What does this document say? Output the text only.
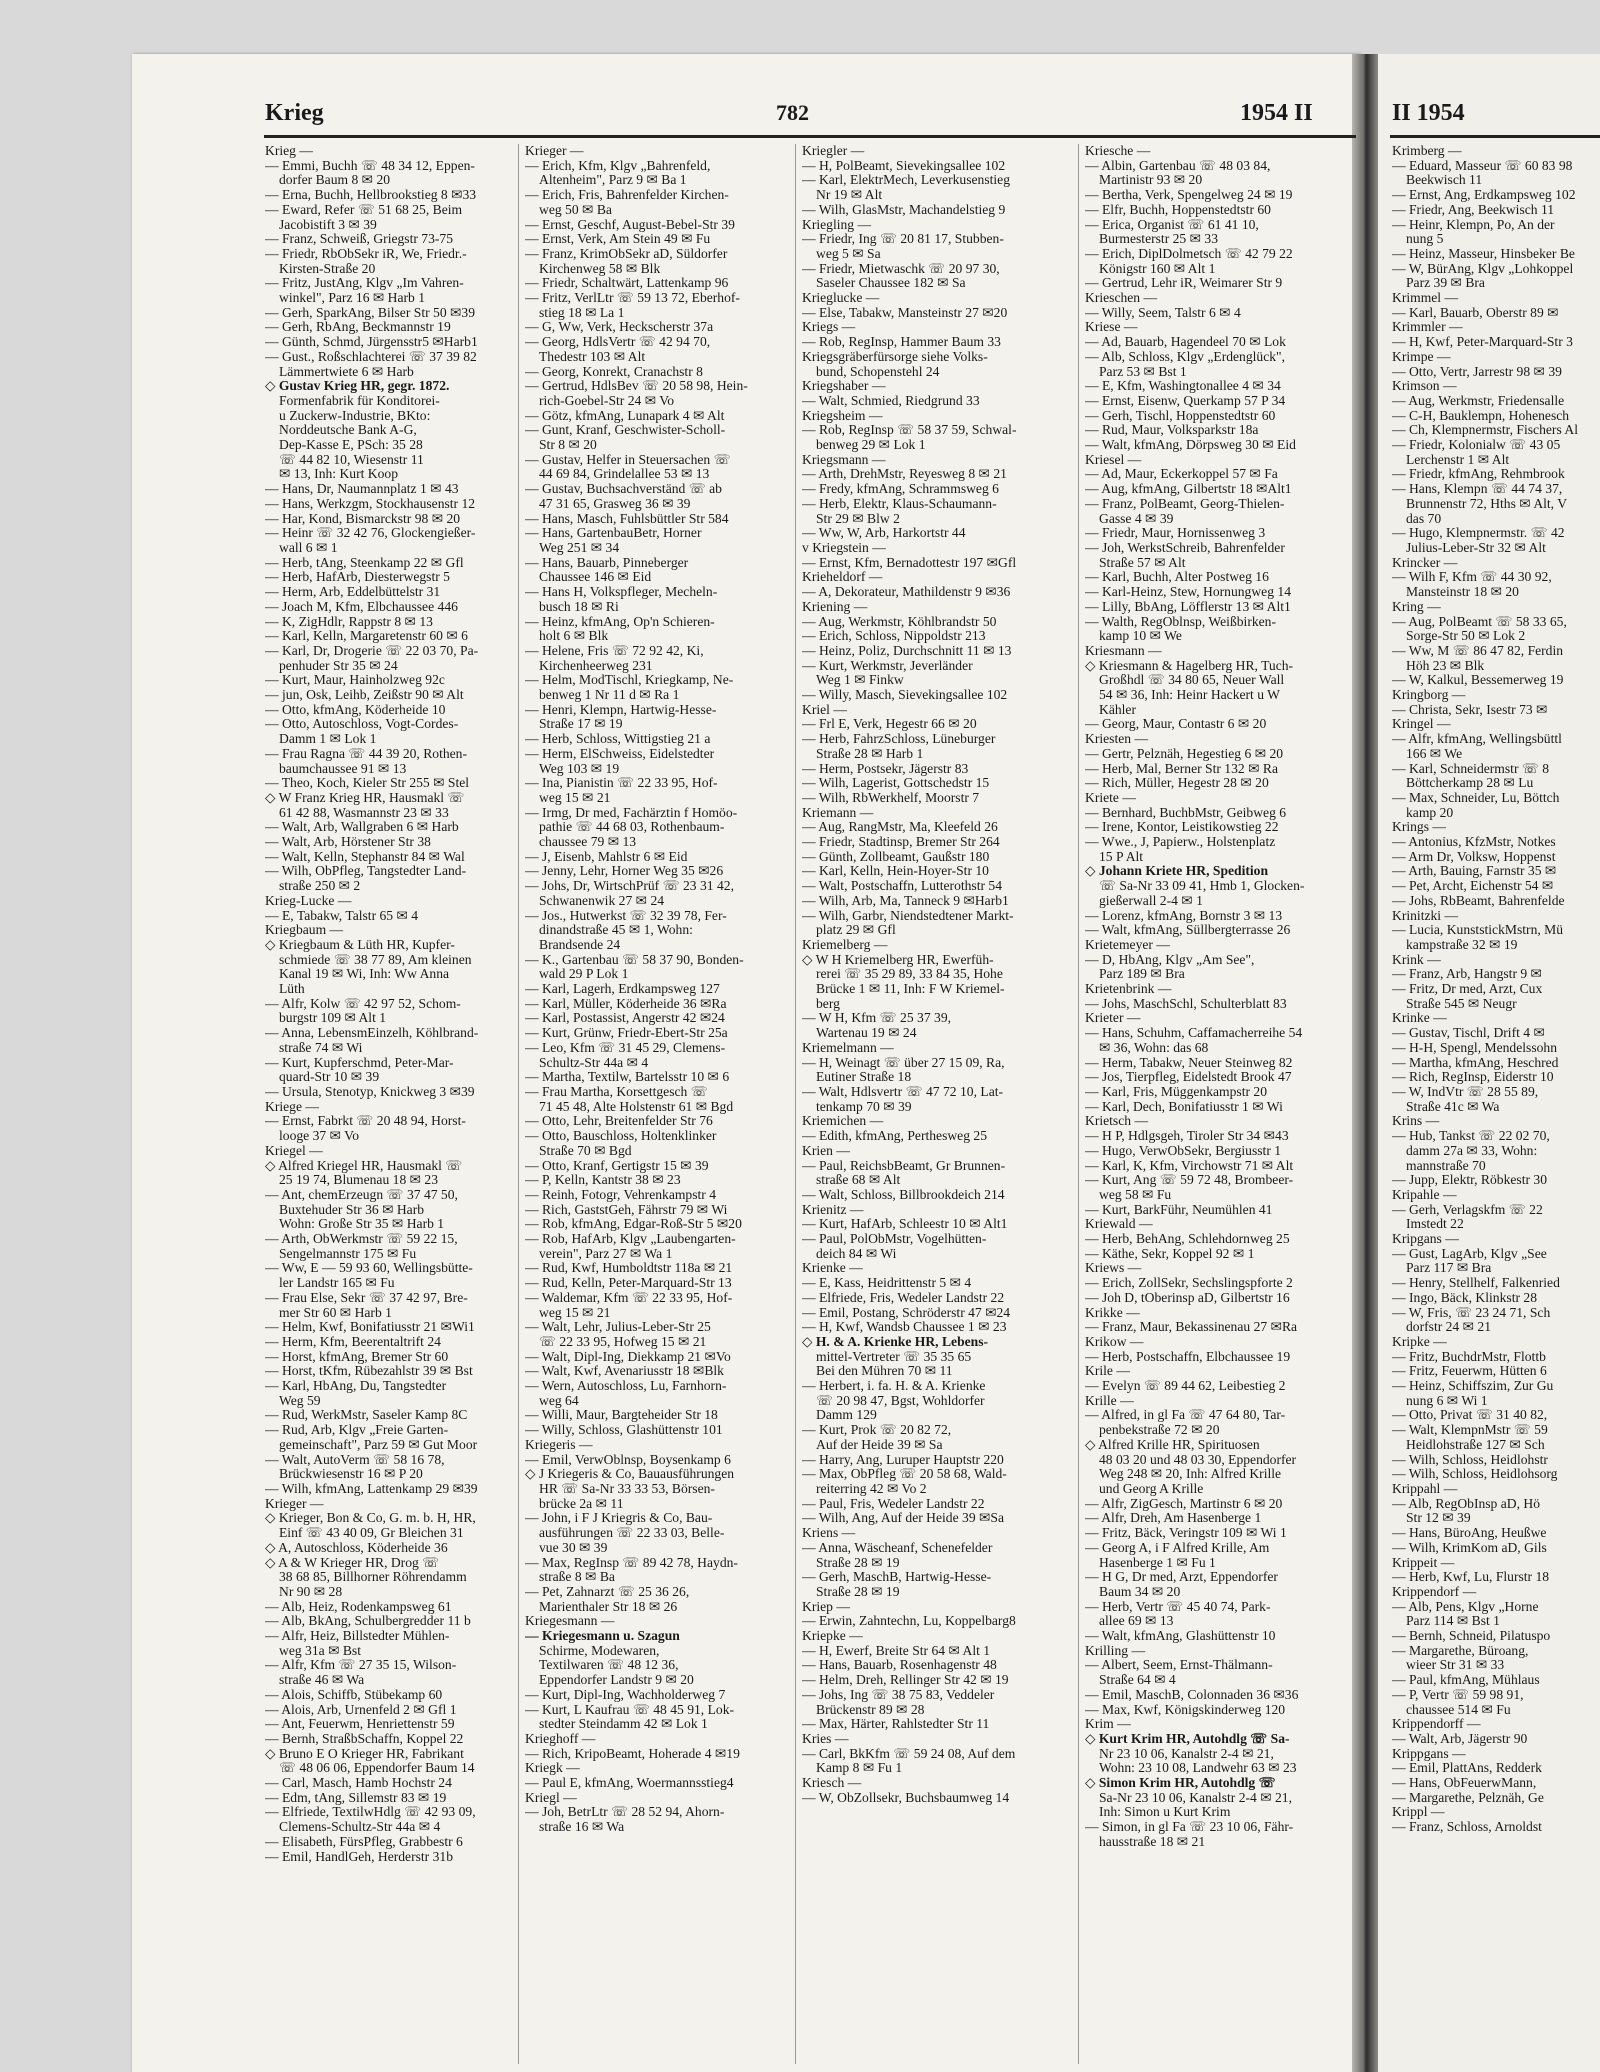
Krieg	782	1954 II	II 1954
Krieg —
— Emmi, Buchh ☏ 48 34 12, Eppen-
dorfer Baum 8 ✉ 20
— Erna, Buchh, Hellbrookstieg 8 ✉33
— Eward, Refer ☏ 51 68 25, Beim
Jacobistift 3 ✉ 39
— Franz, Schweiß, Griegstr 73-75
— Friedr, RbObSekr iR, We, Friedr.-
Kirsten-Straße 20
— Fritz, JustAng, Klgv „Im Vahren-
winkel", Parz 16 ✉ Harb 1
— Gerh, SparkAng, Bilser Str 50 ✉39
— Gerh, RbAng, Beckmannstr 19
— Günth, Schmd, Jürgensstr5 ✉Harb1
— Gust., Roßschlachterei ☏ 37 39 82
Lämmertwiete 6 ✉ Harb
◇ Gustav Krieg HR, gegr. 1872.
Formenfabrik für Konditorei-
u Zuckerw-Industrie, BKto:
Norddeutsche Bank A-G,
Dep-Kasse E, PSch: 35 28
☏ 44 82 10, Wiesenstr 11
✉ 13, Inh: Kurt Koop
— Hans, Dr, Naumannplatz 1 ✉ 43
— Hans, Werkzgm, Stockhausenstr 12
— Har, Kond, Bismarckstr 98 ✉ 20
— Heinr ☏ 32 42 76, Glockengießer-
wall 6 ✉ 1
— Herb, tAng, Steenkamp 22 ✉ Gfl
— Herb, HafArb, Diesterwegstr 5
— Herm, Arb, Eddelbüttelstr 31
— Joach M, Kfm, Elbchaussee 446
— K, ZigHdlr, Rappstr 8 ✉ 13
— Karl, Kelln, Margaretenstr 60 ✉ 6
— Karl, Dr, Drogerie ☏ 22 03 70, Pa-
penhuder Str 35 ✉ 24
— Kurt, Maur, Hainholzweg 92c
— jun, Osk, Leihb, Zeißstr 90 ✉ Alt
— Otto, kfmAng, Köderheide 10
— Otto, Autoschloss, Vogt-Cordes-
Damm 1 ✉ Lok 1
— Frau Ragna ☏ 44 39 20, Rothen-
baumchaussee 91 ✉ 13
— Theo, Koch, Kieler Str 255 ✉ Stel
◇ W Franz Krieg HR, Hausmakl ☏
61 42 88, Wasmannstr 23 ✉ 33
— Walt, Arb, Wallgraben 6 ✉ Harb
— Walt, Arb, Hörstener Str 38
— Walt, Kelln, Stephanstr 84 ✉ Wal
— Wilh, ObPfleg, Tangstedter Land-
straße 250 ✉ 2
Krieg-Lucke —
— E, Tabakw, Talstr 65 ✉ 4
Kriegbaum —
◇ Kriegbaum & Lüth HR, Kupfer-
schmiede ☏ 38 77 89, Am kleinen
Kanal 19 ✉ Wi, Inh: Ww Anna
Lüth
— Alfr, Kolw ☏ 42 97 52, Schom-
burgstr 109 ✉ Alt 1
— Anna, LebensmEinzelh, Köhlbrand-
straße 74 ✉ Wi
— Kurt, Kupferschmd, Peter-Mar-
quard-Str 10 ✉ 39
— Ursula, Stenotyp, Knickweg 3 ✉39
Kriege —
— Ernst, Fabrkt ☏ 20 48 94, Horst-
looge 37 ✉ Vo
Kriegel —
◇ Alfred Kriegel HR, Hausmakl ☏
25 19 74, Blumenau 18 ✉ 23
— Ant, chemErzeugn ☏ 37 47 50,
Buxtehuder Str 36 ✉ Harb
Wohn: Große Str 35 ✉ Harb 1
— Arth, ObWerkmstr ☏ 59 22 15,
Sengelmannstr 175 ✉ Fu
— Ww, E — 59 93 60, Wellingsbütte-
ler Landstr 165 ✉ Fu
— Frau Else, Sekr ☏ 37 42 97, Bre-
mer Str 60 ✉ Harb 1
— Helm, Kwf, Bonifatiusstr 21 ✉Wi1
— Herm, Kfm, Beerentaltrift 24
— Horst, kfmAng, Bremer Str 60
— Horst, tKfm, Rübezahlstr 39 ✉ Bst
— Karl, HbAng, Du, Tangstedter
Weg 59
— Rud, WerkMstr, Saseler Kamp 8C
— Rud, Arb, Klgv „Freie Garten-
gemeinschaft", Parz 59 ✉ Gut Moor
— Walt, AutoVerm ☏ 58 16 78,
Brückwiesenstr 16 ✉ P 20
— Wilh, kfmAng, Lattenkamp 29 ✉39
Krieger —
◇ Krieger, Bon & Co, G. m. b. H, HR,
Einf ☏ 43 40 09, Gr Bleichen 31
◇ A, Autoschloss, Köderheide 36
◇ A & W Krieger HR, Drog ☏
38 68 85, Billhorner Röhrendamm
Nr 90 ✉ 28
— Alb, Heiz, Rodenkampsweg 61
— Alb, BkAng, Schulbergredder 11 b
— Alfr, Heiz, Billstedter Mühlen-
weg 31a ✉ Bst
— Alfr, Kfm ☏ 27 35 15, Wilson-
straße 46 ✉ Wa
— Alois, Schiffb, Stübekamp 60
— Alois, Arb, Urnenfeld 2 ✉ Gfl 1
— Ant, Feuerwm, Henriettenstr 59
— Bernh, StraßbSchaffn, Koppel 22
◇ Bruno E O Krieger HR, Fabrikant
☏ 48 06 06, Eppendorfer Baum 14
— Carl, Masch, Hamb Hochstr 24
— Edm, tAng, Sillemstr 83 ✉ 19
— Elfriede, TextilwHdlg ☏ 42 93 09,
Clemens-Schultz-Str 44a ✉ 4
— Elisabeth, FürsPfleg, Grabbestr 6
— Emil, HandlGeh, Herderstr 31b
Krieger —
— Erich, Kfm, Klgv „Bahrenfeld,
Altenheim", Parz 9 ✉ Ba 1
— Erich, Fris, Bahrenfelder Kirchen-
weg 50 ✉ Ba
— Ernst, Geschf, August-Bebel-Str 39
— Ernst, Verk, Am Stein 49 ✉ Fu
— Franz, KrimObSekr aD, Süldorfer
Kirchenweg 58 ✉ Blk
— Friedr, Schaltwärt, Lattenkamp 96
— Fritz, VerlLtr ☏ 59 13 72, Eberhof-
stieg 18 ✉ La 1
— G, Ww, Verk, Heckscherstr 37a
— Georg, HdlsVertr ☏ 42 94 70,
Thedestr 103 ✉ Alt
— Georg, Konrekt, Cranachstr 8
— Gertrud, HdlsBev ☏ 20 58 98, Hein-
rich-Goebel-Str 24 ✉ Vo
— Götz, kfmAng, Lunapark 4 ✉ Alt
— Gunt, Kranf, Geschwister-Scholl-
Str 8 ✉ 20
— Gustav, Helfer in Steuersachen ☏
44 69 84, Grindelallee 53 ✉ 13
— Gustav, Buchsachverständ ☏ ab
47 31 65, Grasweg 36 ✉ 39
— Hans, Masch, Fuhlsbüttler Str 584
— Hans, GartenbauBetr, Horner
Weg 251 ✉ 34
— Hans, Bauarb, Pinneberger
Chaussee 146 ✉ Eid
— Hans H, Volkspfleger, Mecheln-
busch 18 ✉ Ri
— Heinz, kfmAng, Op'n Schieren-
holt 6 ✉ Blk
— Helene, Fris ☏ 72 92 42, Ki,
Kirchenheerweg 231
— Helm, ModTischl, Kriegkamp, Ne-
benweg 1 Nr 11 d ✉ Ra 1
— Henri, Klempn, Hartwig-Hesse-
Straße 17 ✉ 19
— Herb, Schloss, Wittigstieg 21 a
— Herm, ElSchweiss, Eidelstedter
Weg 103 ✉ 19
— Ina, Pianistin ☏ 22 33 95, Hof-
weg 15 ✉ 21
— Irmg, Dr med, Fachärztin f Homöo-
pathie ☏ 44 68 03, Rothenbaum-
chaussee 79 ✉ 13
— J, Eisenb, Mahlstr 6 ✉ Eid
— Jenny, Lehr, Horner Weg 35 ✉26
— Johs, Dr, WirtschPrüf ☏ 23 31 42,
Schwanenwik 27 ✉ 24
— Jos., Hutwerkst ☏ 32 39 78, Fer-
dinandstraße 45 ✉ 1, Wohn:
Brandsende 24
— K., Gartenbau ☏ 58 37 90, Bonden-
wald 29 P Lok 1
— Karl, Lagerh, Erdkampsweg 127
— Karl, Müller, Köderheide 36 ✉Ra
— Karl, Postassist, Angerstr 42 ✉24
— Kurt, Grünw, Friedr-Ebert-Str 25a
— Leo, Kfm ☏ 31 45 29, Clemens-
Schultz-Str 44a ✉ 4
— Martha, Textilw, Bartelsstr 10 ✉ 6
— Frau Martha, Korsettgesch ☏
71 45 48, Alte Holstenstr 61 ✉ Bgd
— Otto, Lehr, Breitenfelder Str 76
— Otto, Bauschloss, Holtenklinker
Straße 70 ✉ Bgd
— Otto, Kranf, Gertigstr 15 ✉ 39
— P, Kelln, Kantstr 38 ✉ 23
— Reinh, Fotogr, Vehrenkampstr 4
— Rich, GaststGeh, Fährstr 79 ✉ Wi
— Rob, kfmAng, Edgar-Roß-Str 5 ✉20
— Rob, HafArb, Klgv „Laubengarten-
verein", Parz 27 ✉ Wa 1
— Rud, Kwf, Humboldtstr 118a ✉ 21
— Rud, Kelln, Peter-Marquard-Str 13
— Waldemar, Kfm ☏ 22 33 95, Hof-
weg 15 ✉ 21
— Walt, Lehr, Julius-Leber-Str 25
☏ 22 33 95, Hofweg 15 ✉ 21
— Walt, Dipl-Ing, Diekkamp 21 ✉Vo
— Walt, Kwf, Avenariusstr 18 ✉Blk
— Wern, Autoschloss, Lu, Farnhorn-
weg 64
— Willi, Maur, Bargteheider Str 18
— Willy, Schloss, Glashüttenstr 101
Kriegeris —
— Emil, VerwOblnsp, Boysenkamp 6
◇ J Kriegeris & Co, Bauausführungen
HR ☏ Sa-Nr 33 33 53, Börsen-
brücke 2a ✉ 11
— John, i F J Kriegris & Co, Bau-
ausführungen ☏ 22 33 03, Belle-
vue 30 ✉ 39
— Max, RegInsp ☏ 89 42 78, Haydn-
straße 8 ✉ Ba
— Pet, Zahnarzt ☏ 25 36 26,
Marienthaler Str 18 ✉ 26
Kriegesmann —
— Kriegesmann u. Szagun
Schirme, Modewaren,
Textilwaren ☏ 48 12 36,
Eppendorfer Landstr 9 ✉ 20
— Kurt, Dipl-Ing, Wachholderweg 7
— Kurt, L Kaufrau ☏ 48 45 91, Lok-
stedter Steindamm 42 ✉ Lok 1
Krieghoff —
— Rich, KripoBeamt, Hoherade 4 ✉19
Kriegk —
— Paul E, kfmAng, Woermannsstieg4
Kriegl —
— Joh, BetrLtr ☏ 28 52 94, Ahorn-
straße 16 ✉ Wa
Kriegler —
— H, PolBeamt, Sievekingsallee 102
— Karl, ElektrMech, Leverkusenstieg
Nr 19 ✉ Alt
— Wilh, GlasMstr, Machandelstieg 9
Kriegling —
— Friedr, Ing ☏ 20 81 17, Stubben-
weg 5 ✉ Sa
— Friedr, Mietwaschk ☏ 20 97 30,
Saseler Chaussee 182 ✉ Sa
Krieglucke —
— Else, Tabakw, Mansteinstr 27 ✉20
Kriegs —
— Rob, RegInsp, Hammer Baum 33
Kriegsgräberfürsorge siehe Volks-
bund, Schopenstehl 24
Kriegshaber —
— Walt, Schmied, Riedgrund 33
Kriegsheim —
— Rob, RegInsp ☏ 58 37 59, Schwal-
benweg 29 ✉ Lok 1
Kriegsmann —
— Arth, DrehMstr, Reyesweg 8 ✉ 21
— Fredy, kfmAng, Schrammsweg 6
— Herb, Elektr, Klaus-Schaumann-
Str 29 ✉ Blw 2
— Ww, W, Arb, Harkortstr 44
v Kriegstein —
— Ernst, Kfm, Bernadottestr 197 ✉Gfl
Krieheldorf —
— A, Dekorateur, Mathildenstr 9 ✉36
Kriening —
— Aug, Werkmstr, Köhlbrandstr 50
— Erich, Schloss, Nippoldstr 213
— Heinz, Poliz, Durchschnitt 11 ✉ 13
— Kurt, Werkmstr, Jeverländer
Weg 1 ✉ Finkw
— Willy, Masch, Sievekingsallee 102
Kriel —
— Frl E, Verk, Hegestr 66 ✉ 20
— Herb, FahrzSchloss, Lüneburger
Straße 28 ✉ Harb 1
— Herm, Postsekr, Jägerstr 83
— Wilh, Lagerist, Gottschedstr 15
— Wilh, RbWerkhelf, Moorstr 7
Kriemann —
— Aug, RangMstr, Ma, Kleefeld 26
— Friedr, Stadtinsp, Bremer Str 264
— Günth, Zollbeamt, Gaußstr 180
— Karl, Kelln, Hein-Hoyer-Str 10
— Walt, Postschaffn, Lutterothstr 54
— Wilh, Arb, Ma, Tanneck 9 ✉Harb1
— Wilh, Garbr, Niendstedtener Markt-
platz 29 ✉ Gfl
Kriemelberg —
◇ W H Kriemelberg HR, Ewerfüh-
rerei ☏ 35 29 89, 33 84 35, Hohe
Brücke 1 ✉ 11, Inh: F W Kriemel-
berg
— W H, Kfm ☏ 25 37 39,
Wartenau 19 ✉ 24
Kriemelmann —
— H, Weinagt ☏ über 27 15 09, Ra,
Eutiner Straße 18
— Walt, Hdlsvertr ☏ 47 72 10, Lat-
tenkamp 70 ✉ 39
Kriemichen —
— Edith, kfmAng, Perthesweg 25
Krien —
— Paul, ReichsbBeamt, Gr Brunnen-
straße 68 ✉ Alt
— Walt, Schloss, Billbrookdeich 214
Krienitz —
— Kurt, HafArb, Schleestr 10 ✉ Alt1
— Paul, PolObMstr, Vogelhütten-
deich 84 ✉ Wi
Krienke —
— E, Kass, Heidrittenstr 5 ✉ 4
— Elfriede, Fris, Wedeler Landstr 22
— Emil, Postang, Schröderstr 47 ✉24
— H, Kwf, Wandsb Chaussee 1 ✉ 23
◇ H. & A. Krienke HR, Lebens-
mittel-Vertreter ☏ 35 35 65
Bei den Mühren 70 ✉ 11
— Herbert, i. fa. H. & A. Krienke
☏ 20 98 47, Bgst, Wohldorfer
Damm 129
— Kurt, Prok ☏ 20 82 72,
Auf der Heide 39 ✉ Sa
— Harry, Ang, Luruper Hauptstr 220
— Max, ObPfleg ☏ 20 58 68, Wald-
reiterring 42 ✉ Vo 2
— Paul, Fris, Wedeler Landstr 22
— Wilh, Ang, Auf der Heide 39 ✉Sa
Kriens —
— Anna, Wäscheanf, Schenefelder
Straße 28 ✉ 19
— Gerh, MaschB, Hartwig-Hesse-
Straße 28 ✉ 19
Kriep —
— Erwin, Zahntechn, Lu, Koppelbarg8
Kriepke —
— H, Ewerf, Breite Str 64 ✉ Alt 1
— Hans, Bauarb, Rosenhagenstr 48
— Helm, Dreh, Rellinger Str 42 ✉ 19
— Johs, Ing ☏ 38 75 83, Veddeler
Brückenstr 89 ✉ 28
— Max, Härter, Rahlstedter Str 11
Kries —
— Carl, BkKfm ☏ 59 24 08, Auf dem
Kamp 8 ✉ Fu 1
Kriesch —
— W, ObZollsekr, Buchsbaumweg 14
Kriesche —
— Albin, Gartenbau ☏ 48 03 84,
Martinistr 93 ✉ 20
— Bertha, Verk, Spengelweg 24 ✉ 19
— Elfr, Buchh, Hoppenstedtstr 60
— Erica, Organist ☏ 61 41 10,
Burmesterstr 25 ✉ 33
— Erich, DiplDolmetsch ☏ 42 79 22
Königstr 160 ✉ Alt 1
— Gertrud, Lehr iR, Weimarer Str 9
Krieschen —
— Willy, Seem, Talstr 6 ✉ 4
Kriese —
— Ad, Bauarb, Hagendeel 70 ✉ Lok
— Alb, Schloss, Klgv „Erdenglück",
Parz 53 ✉ Bst 1
— E, Kfm, Washingtonallee 4 ✉ 34
— Ernst, Eisenw, Querkamp 57 P 34
— Gerh, Tischl, Hoppenstedtstr 60
— Rud, Maur, Volksparkstr 18a
— Walt, kfmAng, Dörpsweg 30 ✉ Eid
Kriesel —
— Ad, Maur, Eckerkoppel 57 ✉ Fa
— Aug, kfmAng, Gilbertstr 18 ✉Alt1
— Franz, PolBeamt, Georg-Thielen-
Gasse 4 ✉ 39
— Friedr, Maur, Hornissenweg 3
— Joh, WerkstSchreib, Bahrenfelder
Straße 57 ✉ Alt
— Karl, Buchh, Alter Postweg 16
— Karl-Heinz, Stew, Hornungweg 14
— Lilly, BbAng, Löfflerstr 13 ✉ Alt1
— Walth, RegOblnsp, Weißbirken-
kamp 10 ✉ We
Kriesmann —
◇ Kriesmann & Hagelberg HR, Tuch-
Großhdl ☏ 34 80 65, Neuer Wall
54 ✉ 36, Inh: Heinr Hackert u W
Kähler
— Georg, Maur, Contastr 6 ✉ 20
Kriesten —
— Gertr, Pelznäh, Hegestieg 6 ✉ 20
— Herb, Mal, Berner Str 132 ✉ Ra
— Rich, Müller, Hegestr 28 ✉ 20
Kriete —
— Bernhard, BuchbMstr, Geibweg 6
— Irene, Kontor, Leistikowstieg 22
— Wwe., J, Papierw., Holstenplatz
15 P Alt
◇ Johann Kriete HR, Spedition
☏ Sa-Nr 33 09 41, Hmb 1, Glocken-
gießerwall 2-4 ✉ 1
— Lorenz, kfmAng, Bornstr 3 ✉ 13
— Walt, kfmAng, Süllbergterrasse 26
Krietemeyer —
— D, HbAng, Klgv „Am See",
Parz 189 ✉ Bra
Krietenbrink —
— Johs, MaschSchl, Schulterblatt 83
Krieter —
— Hans, Schuhm, Caffamacherreihe 54
✉ 36, Wohn: das 68
— Herm, Tabakw, Neuer Steinweg 82
— Jos, Tierpfleg, Eidelstedt Brook 47
— Karl, Fris, Müggenkampstr 20
— Karl, Dech, Bonifatiusstr 1 ✉ Wi
Krietsch —
— H P, Hdlgsgeh, Tiroler Str 34 ✉43
— Hugo, VerwObSekr, Bergiusstr 1
— Karl, K, Kfm, Virchowstr 71 ✉ Alt
— Kurt, Ang ☏ 59 72 48, Brombeer-
weg 58 ✉ Fu
— Kurt, BarkFühr, Neumühlen 41
Kriewald —
— Herb, BehAng, Schlehdornweg 25
— Käthe, Sekr, Koppel 92 ✉ 1
Kriews —
— Erich, ZollSekr, Sechslingspforte 2
— Joh D, tOberinsp aD, Gilbertstr 16
Krikke —
— Franz, Maur, Bekassinenau 27 ✉Ra
Krikow —
— Herb, Postschaffn, Elbchaussee 19
Krile —
— Evelyn ☏ 89 44 62, Leibestieg 2
Krille —
— Alfred, in gl Fa ☏ 47 64 80, Tar-
penbekstraße 72 ✉ 20
◇ Alfred Krille HR, Spirituosen
48 03 20 und 48 03 30, Eppendorfer
Weg 248 ✉ 20, Inh: Alfred Krille
und Georg A Krille
— Alfr, ZigGesch, Martinstr 6 ✉ 20
— Alfr, Dreh, Am Hasenberge 1
— Fritz, Bäck, Veringstr 109 ✉ Wi 1
— Georg A, i F Alfred Krille, Am
Hasenberge 1 ✉ Fu 1
— H G, Dr med, Arzt, Eppendorfer
Baum 34 ✉ 20
— Herb, Vertr ☏ 45 40 74, Park-
allee 69 ✉ 13
— Walt, kfmAng, Glashüttenstr 10
Krilling —
— Albert, Seem, Ernst-Thälmann-
Straße 64 ✉ 4
— Emil, MaschB, Colonnaden 36 ✉36
— Max, Kwf, Königskinderweg 120
Krim —
◇ Kurt Krim HR, Autohdlg ☏ Sa-
Nr 23 10 06, Kanalstr 2-4 ✉ 21,
Wohn: 23 10 08, Landwehr 63 ✉ 23
◇ Simon Krim HR, Autohdlg ☏
Sa-Nr 23 10 06, Kanalstr 2-4 ✉ 21,
Inh: Simon u Kurt Krim
— Simon, in gl Fa ☏ 23 10 06, Fähr-
hausstraße 18 ✉ 21
Krimberg —
— Eduard, Masseur ☏ 60 83 98
Beekwisch 11
— Ernst, Ang, Erdkampsweg 102
— Friedr, Ang, Beekwisch 11
— Heinr, Klempn, Po, An der
nung 5
— Heinz, Masseur, Hinsbeker Be
— W, BürAng, Klgv „Lohkoppel
Parz 39 ✉ Bra
Krimmel —
— Karl, Bauarb, Oberstr 89 ✉
Krimmler —
— H, Kwf, Peter-Marquard-Str 3
Krimpe —
— Otto, Vertr, Jarrestr 98 ✉ 39
Krimson —
— Aug, Werkmstr, Friedensalle
— C-H, Bauklempn, Hohenesch
— Ch, Klempnermstr, Fischers Al
— Friedr, Kolonialw ☏ 43 05
Lerchenstr 1 ✉ Alt
— Friedr, kfmAng, Rehmbrook
— Hans, Klempn ☏ 44 74 37,
Brunnenstr 72, Hths ✉ Alt, V
das 70
— Hugo, Klempnermstr. ☏ 42
Julius-Leber-Str 32 ✉ Alt
Krincker —
— Wilh F, Kfm ☏ 44 30 92,
Mansteinstr 18 ✉ 20
Kring —
— Aug, PolBeamt ☏ 58 33 65,
Sorge-Str 50 ✉ Lok 2
— Ww, M ☏ 86 47 82, Ferdin
Höh 23 ✉ Blk
— W, Kalkul, Bessemerweg 19
Kringborg —
— Christa, Sekr, Isestr 73 ✉
Kringel —
— Alfr, kfmAng, Wellingsbüttl
166 ✉ We
— Karl, Schneidermstr ☏ 8
Böttcherkamp 28 ✉ Lu
— Max, Schneider, Lu, Böttch
kamp 20
Krings —
— Antonius, KfzMstr, Notkes
— Arm Dr, Volksw, Hoppenst
— Arth, Bauing, Farnstr 35 ✉
— Pet, Archt, Eichenstr 54 ✉
— Johs, RbBeamt, Bahrenfelde
Krinitzki —
— Lucia, KunststickMstrn, Mü
kampstraße 32 ✉ 19
Krink —
— Franz, Arb, Hangstr 9 ✉
— Fritz, Dr med, Arzt, Cux
Straße 545 ✉ Neugr
Krinke —
— Gustav, Tischl, Drift 4 ✉
— H-H, Spengl, Mendelssohn
— Martha, kfmAng, Heschred
— Rich, RegInsp, Eiderstr 10
— W, IndVtr ☏ 28 55 89,
Straße 41c ✉ Wa
Krins —
— Hub, Tankst ☏ 22 02 70,
damm 27a ✉ 33, Wohn:
mannstraße 70
— Jupp, Elektr, Röbkestr 30
Kripahle —
— Gerh, Verlagskfm ☏ 22
Imstedt 22
Kripgans —
— Gust, LagArb, Klgv „See
Parz 117 ✉ Bra
— Henry, Stellhelf, Falkenried
— Ingo, Bäck, Klinkstr 28
— W, Fris, ☏ 23 24 71, Sch
dorfstr 24 ✉ 21
Kripke —
— Fritz, BuchdrMstr, Flottb
— Fritz, Feuerwm, Hütten 6
— Heinz, Schiffszim, Zur Gu
nung 6 ✉ Wi 1
— Otto, Privat ☏ 31 40 82,
— Walt, KlempnMstr ☏ 59
Heidlohstraße 127 ✉ Sch
— Wilh, Schloss, Heidlohstr
— Wilh, Schloss, Heidlohsorg
Krippahl —
— Alb, RegObInsp aD, Hö
Str 12 ✉ 39
— Hans, BüroAng, Heußwe
— Wilh, KrimKom aD, Gils
Krippeit —
— Herb, Kwf, Lu, Flurstr 18
Krippendorf —
— Alb, Pens, Klgv „Horne
Parz 114 ✉ Bst 1
— Bernh, Schneid, Pilatuspo
— Margarethe, Büroang,
wieer Str 31 ✉ 33
— Paul, kfmAng, Mühlaus
— P, Vertr ☏ 59 98 91,
chaussee 514 ✉ Fu
Krippendorff —
— Walt, Arb, Jägerstr 90
Krippgans —
— Emil, PlattAns, Redderk
— Hans, ObFeuerwMann,
— Margarethe, Pelznäh, Ge
Krippl —
— Franz, Schloss, Arnoldst
